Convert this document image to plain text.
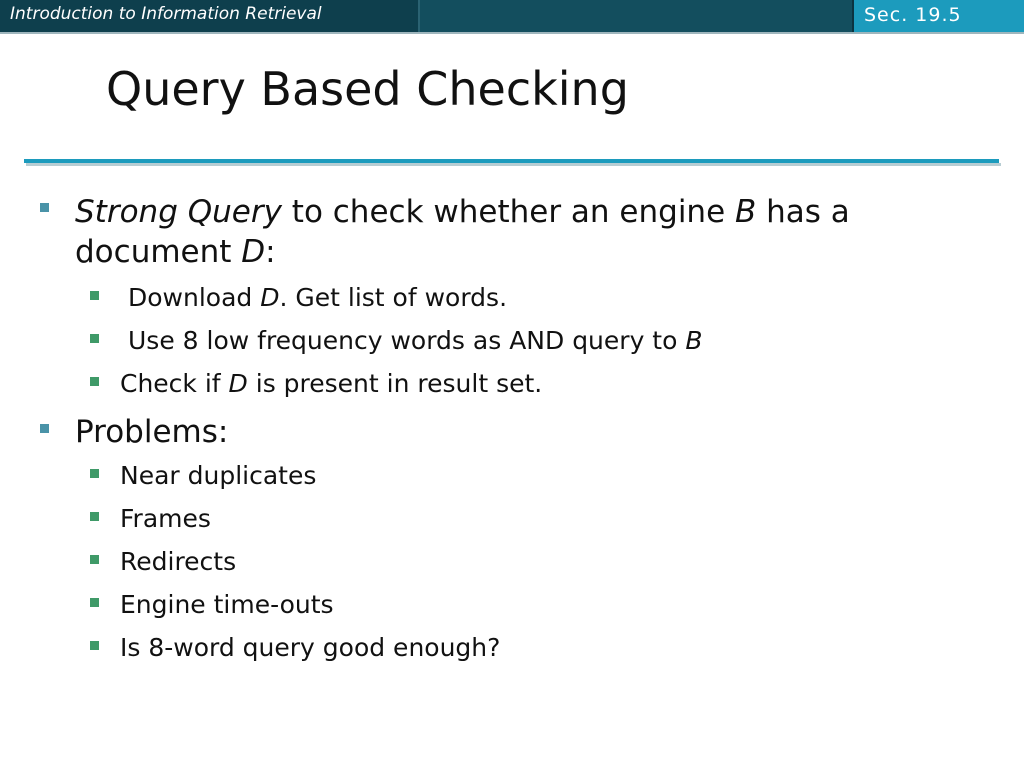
Introduction to Information Retrieval	Sec. 19.5
Query Based Checking
Strong Query to check whether an engine B has a
document D:
Download D. Get list of words.
Use 8 low frequency words as AND query to B
Check if D is present in result set.
Problems:
Near duplicates
Frames
Redirects
Engine time-outs
Is 8-word query good enough?
